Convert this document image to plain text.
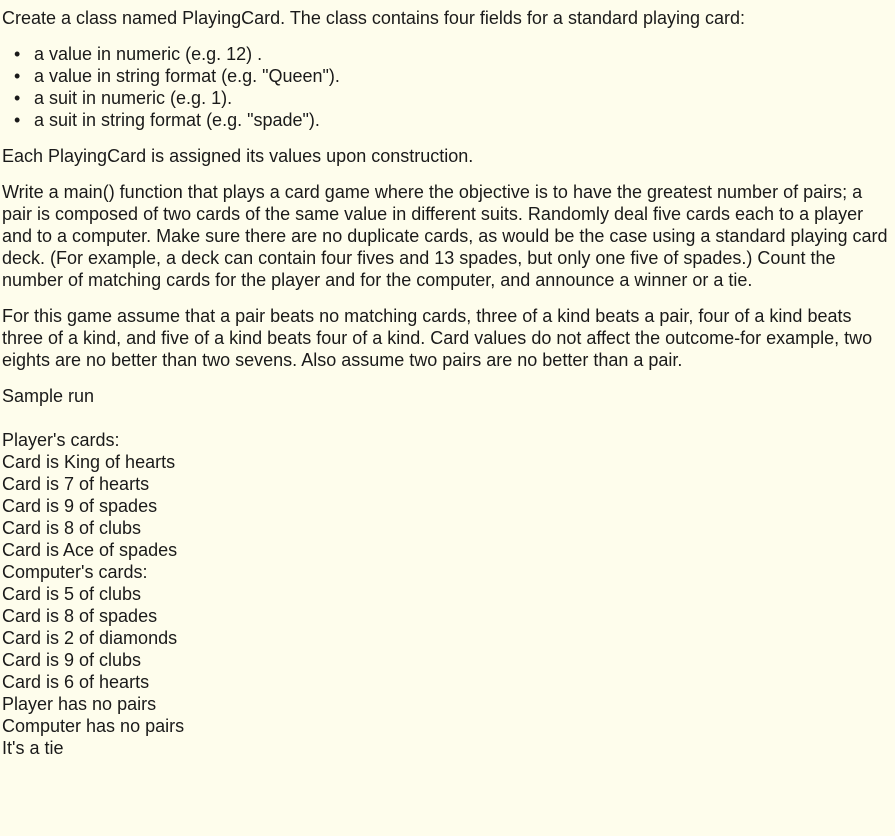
Create a class named PlayingCard. The class contains four fields for a standard playing card:

• a value in numeric (e.g. 12) .
• a value in string format (e.g. "Queen").
• a suit in numeric (e.g. 1).
• a suit in string format (e.g. "spade").

Each PlayingCard is assigned its values upon construction.

Write a main() function that plays a card game where the objective is to have the greatest number of pairs; a pair is composed of two cards of the same value in different suits. Randomly deal five cards each to a player and to a computer. Make sure there are no duplicate cards, as would be the case using a standard playing card deck. (For example, a deck can contain four fives and 13 spades, but only one five of spades.) Count the number of matching cards for the player and for the computer, and announce a winner or a tie.

For this game assume that a pair beats no matching cards, three of a kind beats a pair, four of a kind beats three of a kind, and five of a kind beats four of a kind. Card values do not affect the outcome-for example, two eights are no better than two sevens. Also assume two pairs are no better than a pair.

Sample run

Player's cards:
Card is King of hearts
Card is 7 of hearts
Card is 9 of spades
Card is 8 of clubs
Card is Ace of spades
Computer's cards:
Card is 5 of clubs
Card is 8 of spades
Card is 2 of diamonds
Card is 9 of clubs
Card is 6 of hearts
Player has no pairs
Computer has no pairs
It's a tie
